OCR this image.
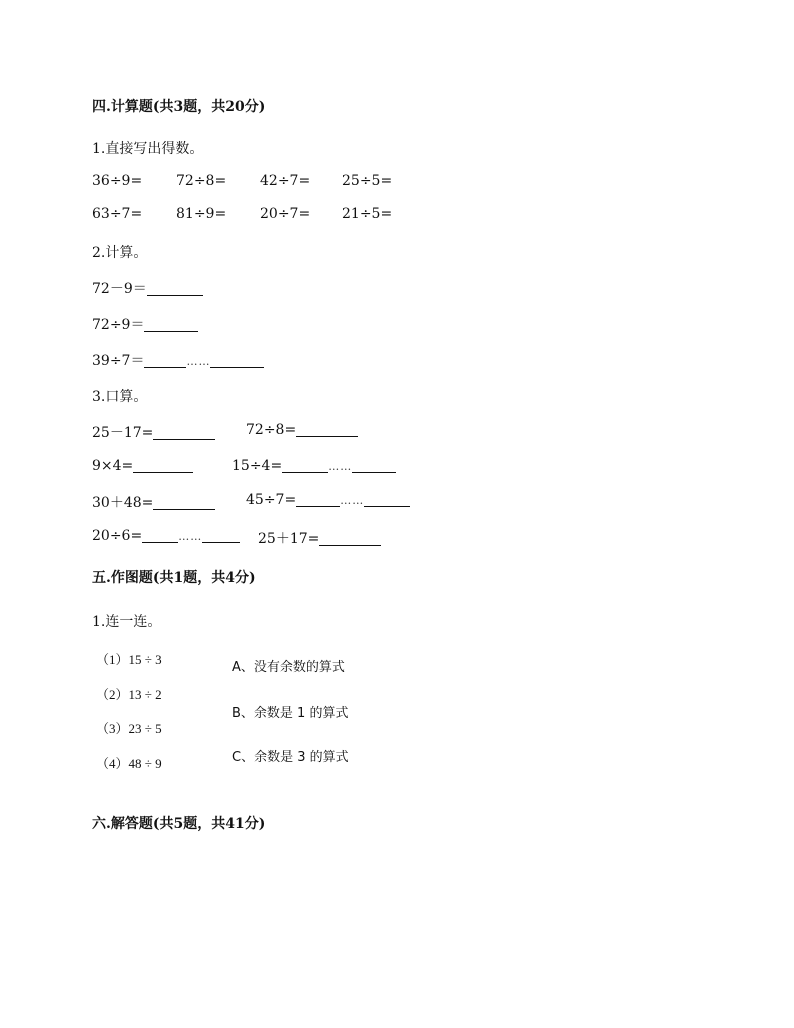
四.计算题(共3题，共20分)
1.直接写出得数。
36÷9= 72÷8= 42÷7= 25÷5=
63÷7= 81÷9= 20÷7= 21÷5=
2.计算。
72－9＝
72÷9＝
39÷7＝	……
3.口算。
25－17=	72÷8=
9×4=	15÷4=	……
30＋48=	45÷7=	……
20÷6=	……	25＋17=
五.作图题(共1题，共4分)
1.连一连。
（1）15 ÷ 3
（2）13 ÷ 2
（3）23 ÷ 5
（4）48 ÷ 9
A、没有余数的算式
B、余数是 1 的算式
C、余数是 3 的算式
六.解答题(共5题，共41分)
